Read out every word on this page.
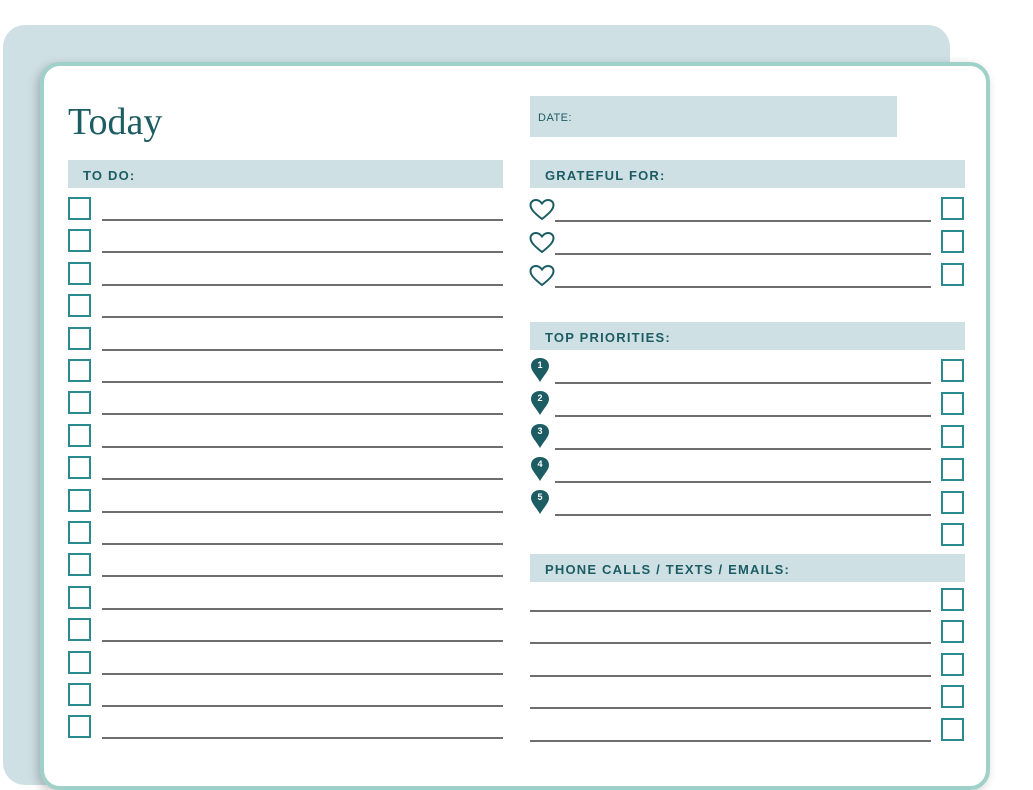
Today	DATE:
TO DO:	GRATEFUL FOR:
TOP PRIORITIES:
PHONE CALLS / TEXTS / EMAILS:
1
2
3
4
5
